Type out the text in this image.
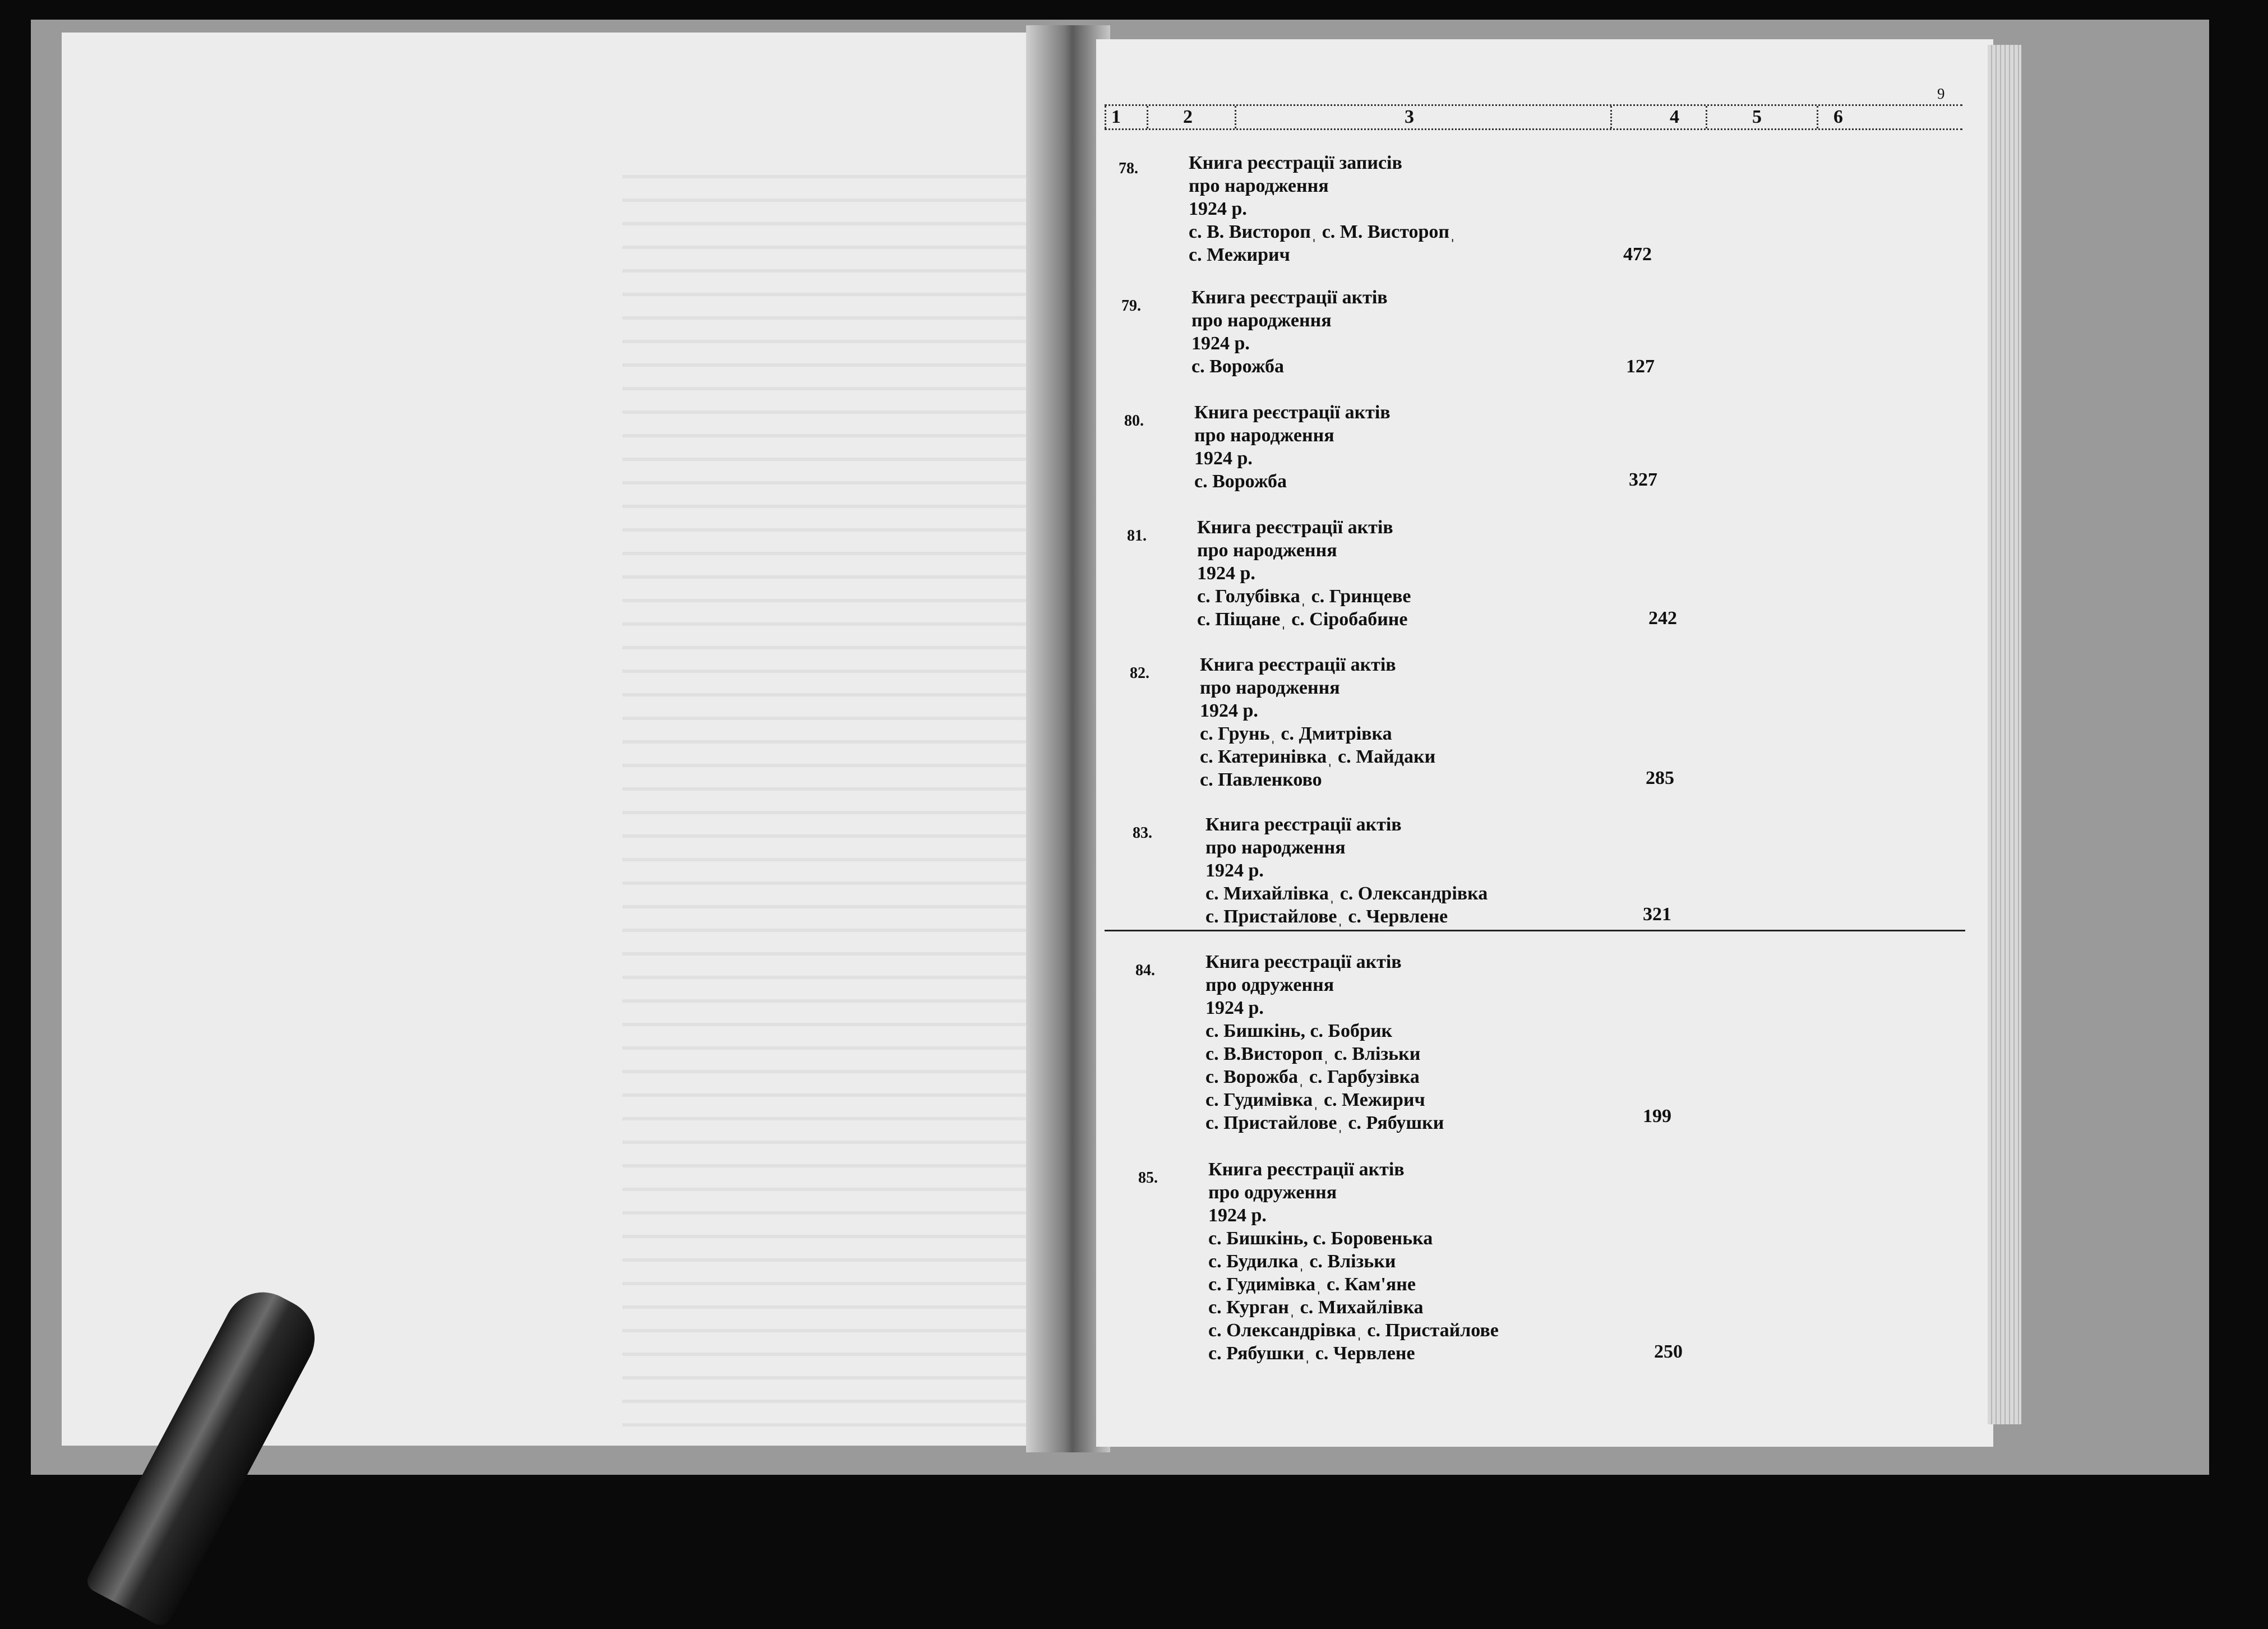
9
1	2	3	4	5	6
78.	Книга реєстрації записів
про народження
1924 р.
с. В. Висторопˌ с. М. Висторопˌ
с. Межирич	472
79.	Книга реєстрації актів
про народження
1924 р.
с. Ворожба	127
80.	Книга реєстрації актів
про народження
1924 р.
с. Ворожба	327
81.	Книга реєстрації актів
про народження
1924 р.
с. Голубівкаˌ с. Гринцеве
с. Піщанеˌ с. Сіробабине	242
82.	Книга реєстрації актів
про народження
1924 р.
с. Груньˌ с. Дмитрівка
с. Катеринівкаˌ с. Майдаки
с. Павленково	285
83.	Книга реєстрації актів
про народження
1924 р.
с. Михайлівкаˌ с. Олександрівка
с. Пристайловеˌ с. Червлене	321
84.	Книга реєстрації актів
про одруження
1924 р.
с. Бишкінь, с. Бобрик
с. В.Висторопˌ с. Влізьки
с. Ворожбаˌ с. Гарбузівка
с. Гудимівкаˌ с. Межирич
с. Пристайловеˌ с. Рябушки	199
85.	Книга реєстрації актів
про одруження
1924 р.
с. Бишкінь, с. Боровенька
с. Будилкаˌ с. Влізьки
с. Гудимівкаˌ с. Кам'яне
с. Курганˌ с. Михайлівка
с. Олександрівкаˌ с. Пристайлове
с. Рябушкиˌ с. Червлене	250
